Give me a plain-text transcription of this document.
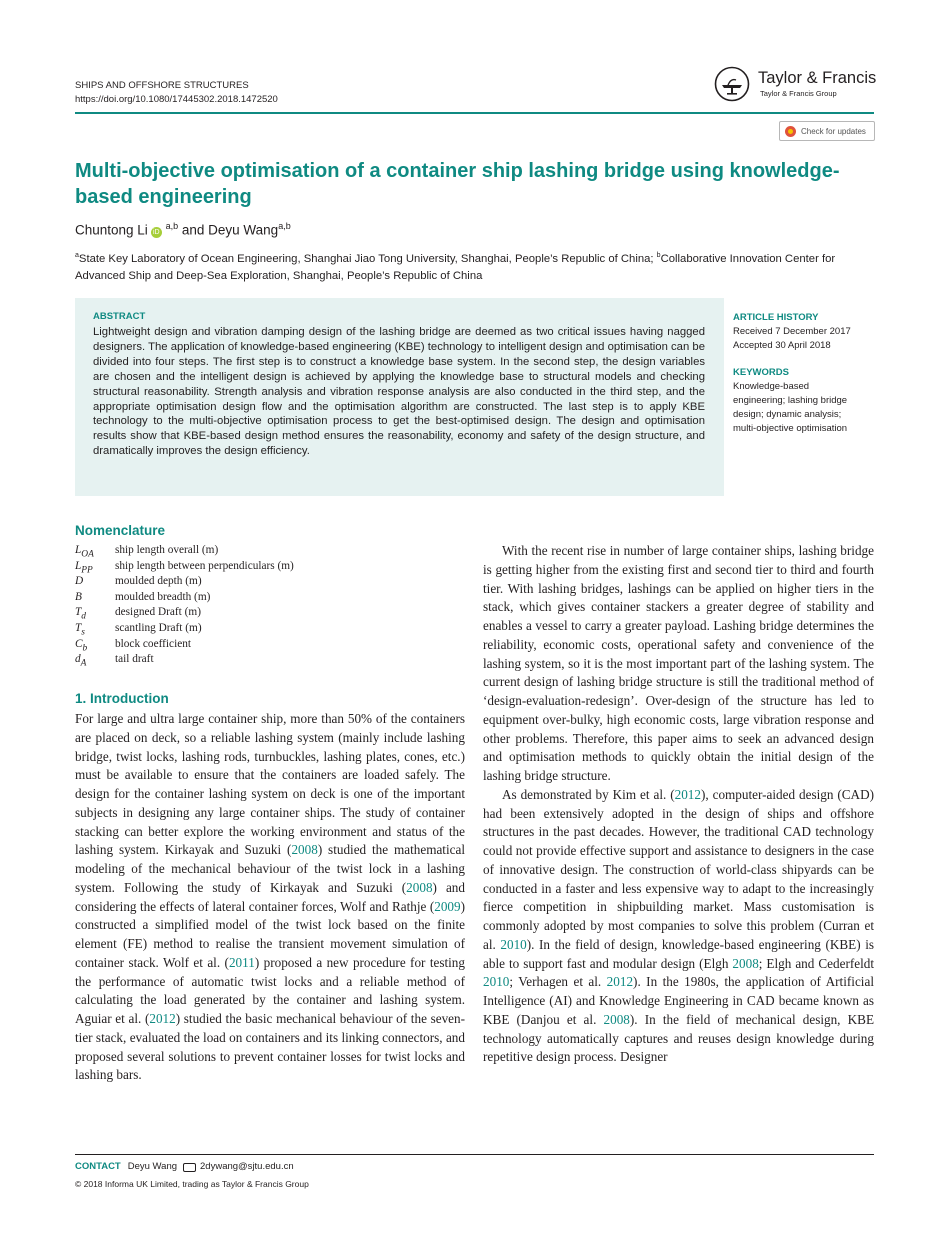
SHIPS AND OFFSHORE STRUCTURES
https://doi.org/10.1080/17445302.2018.1472520
Taylor & Francis
Taylor & Francis Group
Check for updates
Multi-objective optimisation of a container ship lashing bridge using knowledge-based engineering
Chuntong Li iD $^{a,b}$ and Deyu Wang$^{a,b}$
$^a$State Key Laboratory of Ocean Engineering, Shanghai Jiao Tong University, Shanghai, People’s Republic of China; $^b$Collaborative Innovation Center for Advanced Ship and Deep-Sea Exploration, Shanghai, People’s Republic of China
ABSTRACT
Lightweight design and vibration damping design of the lashing bridge are deemed as two critical issues having nagged designers. The application of knowledge-based engineering (KBE) technology to intelligent design and optimisation can be divided into four steps. The first step is to construct a knowledge base system. In the second step, the design variables are chosen and the intelligent design is achieved by applying the knowledge base to structural models and checking structural reasonability. Strength analysis and vibration response analysis are also conducted in the third step, and the appropriate optimisation design flow and the optimisation algorithm are constructed. The last step is to apply KBE technology to the multi-objective optimisation process to get the best-optimised design. The design and optimisation results show that KBE-based design method ensures the reasonability, economy and safety of the design structure, and dramatically improves the design efficiency.
ARTICLE HISTORY
Received 7 December 2017
Accepted 30 April 2018
KEYWORDS
Knowledge-based
engineering; lashing bridge
design; dynamic analysis;
multi-objective optimisation
Nomenclature
$L_{OA}$	ship length overall (m)
$L_{PP}$	ship length between perpendiculars (m)
D	moulded depth (m)
B	moulded breadth (m)
$T_d$	designed Draft (m)
$T_s$	scantling Draft (m)
$C_b$	block coefficient
$d_A$	tail draft
1. Introduction

For large and ultra large container ship, more than 50% of the containers are placed on deck, so a reliable lashing system (mainly include lashing bridge, twist locks, lashing rods, turnbuckles, lashing plates, cones, etc.) must be available to ensure that the containers are loaded safely. The design for the container lashing system on deck is one of the important subjects in designing any large container ships. The study of container stacking can better explore the working environment and status of the lashing system. Kirkayak and Suzuki (2008) studied the mathematical modeling of the mechanical behaviour of the twist lock in a lashing system. Following the study of Kirkayak and Suzuki (2008) and considering the effects of lateral container forces, Wolf and Rathje (2009) constructed a simplified model of the twist lock based on the finite element (FE) method to realise the transient movement simulation of container stack. Wolf et al. (2011) proposed a new procedure for testing the performance of automatic twist locks and a reliable method of calculating the load generated by the container and lashing system. Aguiar et al. (2012) studied the basic mechanical behaviour of the seven-tier stack, evaluated the load on containers and its linking connectors, and proposed several solutions to prevent container losses for twist locks and lashing bars.

With the recent rise in number of large container ships, lashing bridge is getting higher from the existing first and second tier to third and fourth tier. With lashing bridges, lashings can be applied on higher tiers in the stack, which gives container stackers a greater degree of stability and enables a vessel to carry a greater payload. Lashing bridge determines the reliability, economic costs, operational safety and convenience of the lashing system, so it is the most important part of the lashing system. The current design of lashing bridge structure is still the traditional method of ‘design-evaluation-redesign’. Over-design of the structure has led to equipment over-bulky, high economic costs, large vibration response and other problems. Therefore, this paper aims to seek an advanced design and optimisation methods to quickly obtain the initial design of the lashing bridge structure.

As demonstrated by Kim et al. (2012), computer-aided design (CAD) had been extensively adopted in the design of ships and offshore structures in the past decades. However, the traditional CAD technology could not provide effective support and assistance to designers in the case of innovative design. The construction of world-class shipyards can be conducted in a faster and less expensive way to adapt to the increasingly fierce competition in shipbuilding market. Mass customisation is commonly adopted by most companies to solve this problem (Curran et al. 2010). In the field of design, knowledge-based engineering (KBE) is able to support fast and modular design (Elgh 2008; Elgh and Cederfeldt 2010; Verhagen et al. 2012). In the 1980s, the application of Artificial Intelligence (AI) and Knowledge Engineering in CAD became known as KBE (Danjou et al. 2008). In the field of mechanical design, KBE technology automatically captures and reuses design knowledge during repetitive design process. Designer

CONTACT Deyu Wang 2dywang@sjtu.edu.cn
© 2018 Informa UK Limited, trading as Taylor & Francis Group
